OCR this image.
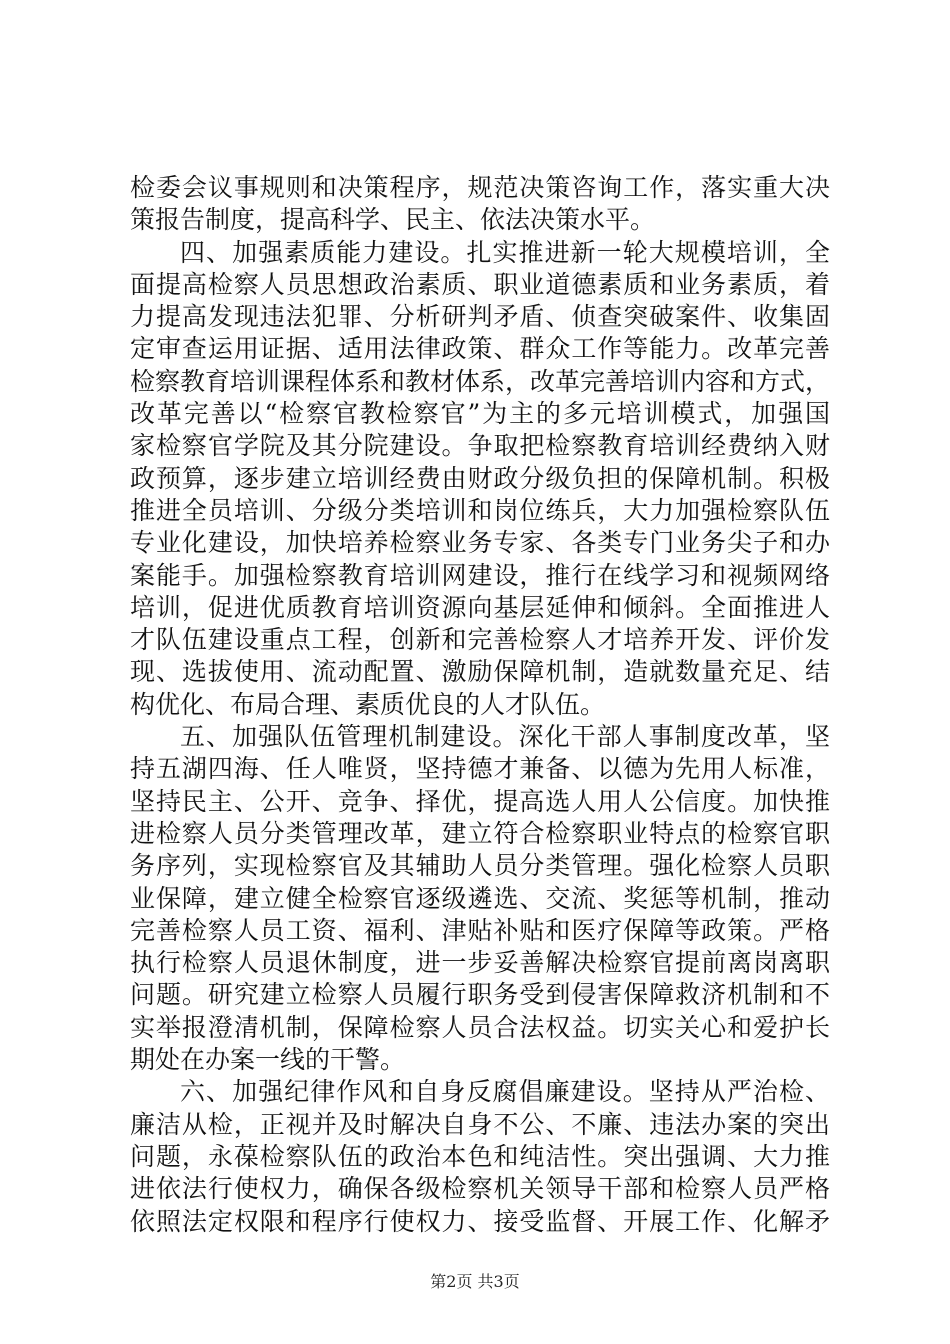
检委会议事规则和决策程序，规范决策咨询工作，落实重大决
策报告制度，提高科学、民主、依法决策水平。
四、加强素质能力建设。扎实推进新一轮大规模培训，全
面提高检察人员思想政治素质、职业道德素质和业务素质，着
力提高发现违法犯罪、分析研判矛盾、侦查突破案件、收集固
定审查运用证据、适用法律政策、群众工作等能力。改革完善
检察教育培训课程体系和教材体系，改革完善培训内容和方式，
改革完善以“检察官教检察官”为主的多元培训模式，加强国
家检察官学院及其分院建设。争取把检察教育培训经费纳入财
政预算，逐步建立培训经费由财政分级负担的保障机制。积极
推进全员培训、分级分类培训和岗位练兵，大力加强检察队伍
专业化建设，加快培养检察业务专家、各类专门业务尖子和办
案能手。加强检察教育培训网建设，推行在线学习和视频网络
培训，促进优质教育培训资源向基层延伸和倾斜。全面推进人
才队伍建设重点工程，创新和完善检察人才培养开发、评价发
现、选拔使用、流动配置、激励保障机制，造就数量充足、结
构优化、布局合理、素质优良的人才队伍。
五、加强队伍管理机制建设。深化干部人事制度改革，坚
持五湖四海、任人唯贤，坚持德才兼备、以德为先用人标准，
坚持民主、公开、竞争、择优，提高选人用人公信度。加快推
进检察人员分类管理改革，建立符合检察职业特点的检察官职
务序列，实现检察官及其辅助人员分类管理。强化检察人员职
业保障，建立健全检察官逐级遴选、交流、奖惩等机制，推动
完善检察人员工资、福利、津贴补贴和医疗保障等政策。严格
执行检察人员退休制度，进一步妥善解决检察官提前离岗离职
问题。研究建立检察人员履行职务受到侵害保障救济机制和不
实举报澄清机制，保障检察人员合法权益。切实关心和爱护长
期处在办案一线的干警。
六、加强纪律作风和自身反腐倡廉建设。坚持从严治检、
廉洁从检，正视并及时解决自身不公、不廉、违法办案的突出
问题，永葆检察队伍的政治本色和纯洁性。突出强调、大力推
进依法行使权力，确保各级检察机关领导干部和检察人员严格
依照法定权限和程序行使权力、接受监督、开展工作、化解矛
第2页 共3页
